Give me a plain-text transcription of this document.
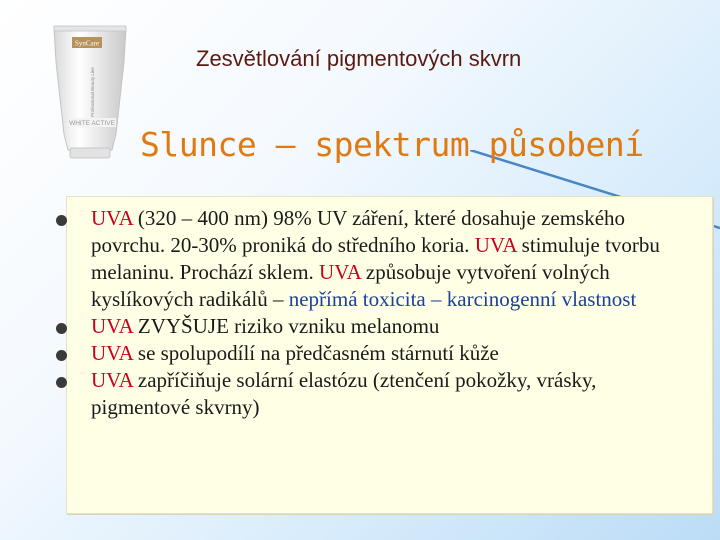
SynCare
Professional Beauty Line
WHITE ACTIVE
Zesvětlování pigmentových skvrn
Slunce – spektrum působení
UVA (320 – 400 nm) 98% UV záření, které dosahuje zemského povrchu. 20-30% proniká do středního koria. UVA stimuluje tvorbu melaninu. Prochází sklem. UVA způsobuje vytvoření volných kyslíkových radikálů – nepřímá toxicita – karcinogenní vlastnost
UVA ZVYŠUJE riziko vzniku melanomu
UVA se spolupodílí na předčasném stárnutí kůže
UVA zapříčiňuje solární elastózu (ztenčení pokožky, vrásky, pigmentové skvrny)
